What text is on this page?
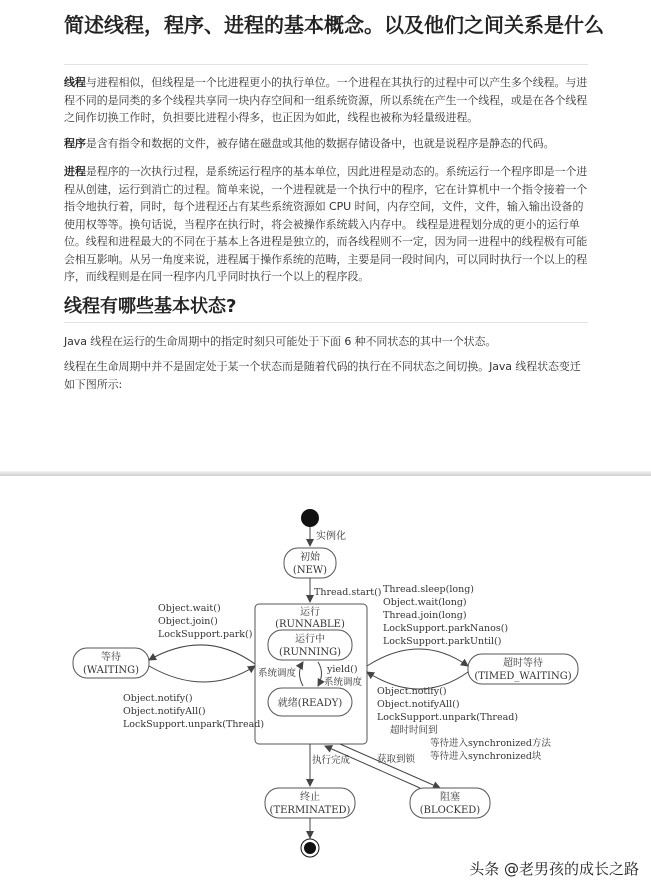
简述线程，程序、进程的基本概念。以及他们之间关系是什么

线程与进程相似，但线程是一个比进程更小的执行单位。一个进程在其执行的过程中可以产生多个线程。与进程不同的是同类的多个线程共享同一块内存空间和一组系统资源，所以系统在产生一个线程，或是在各个线程之间作切换工作时，负担要比进程小得多，也正因为如此，线程也被称为轻量级进程。

程序是含有指令和数据的文件，被存储在磁盘或其他的数据存储设备中，也就是说程序是静态的代码。

进程是程序的一次执行过程，是系统运行程序的基本单位，因此进程是动态的。系统运行一个程序即是一个进程从创建，运行到消亡的过程。简单来说，一个进程就是一个执行中的程序，它在计算机中一个指令接着一个指令地执行着，同时，每个进程还占有某些系统资源如 CPU 时间，内存空间，文件，文件，输入输出设备的使用权等等。换句话说，当程序在执行时，将会被操作系统载入内存中。 线程是进程划分成的更小的运行单位。线程和进程最大的不同在于基本上各进程是独立的，而各线程则不一定，因为同一进程中的线程极有可能会相互影响。从另一角度来说，进程属于操作系统的范畴，主要是同一段时间内，可以同时执行一个以上的程序，而线程则是在同一程序内几乎同时执行一个以上的程序段。

线程有哪些基本状态?

Java 线程在运行的生命周期中的指定时刻只可能处于下面 6 种不同状态的其中一个状态。

线程在生命周期中并不是固定处于某一个状态而是随着代码的执行在不同状态之间切换。Java 线程状态变迁如下图所示:

实例化
初始
(NEW)
Thread.start()
运行
(RUNNABLE)
运行中
(RUNNING)
就绪(READY)
系统调度	yield()
系统调度
等待
(WAITING)
Object.wait()
Object.join()
LockSupport.park()
Object.notify()
Object.notifyAll()
LockSupport.unpark(Thread)
超时等待
(TIMED_WAITING)
Thread.sleep(long)
Object.wait(long)
Thread.join(long)
LockSupport.parkNanos()
LockSupport.parkUntil()
Object.notify()
Object.notifyAll()
LockSupport.unpark(Thread)
超时时间到
等待进入synchronized方法
等待进入synchronized块
获取到锁
执行完成
终止
(TERMINATED)
阻塞
(BLOCKED)
头条 @老男孩的成长之路
